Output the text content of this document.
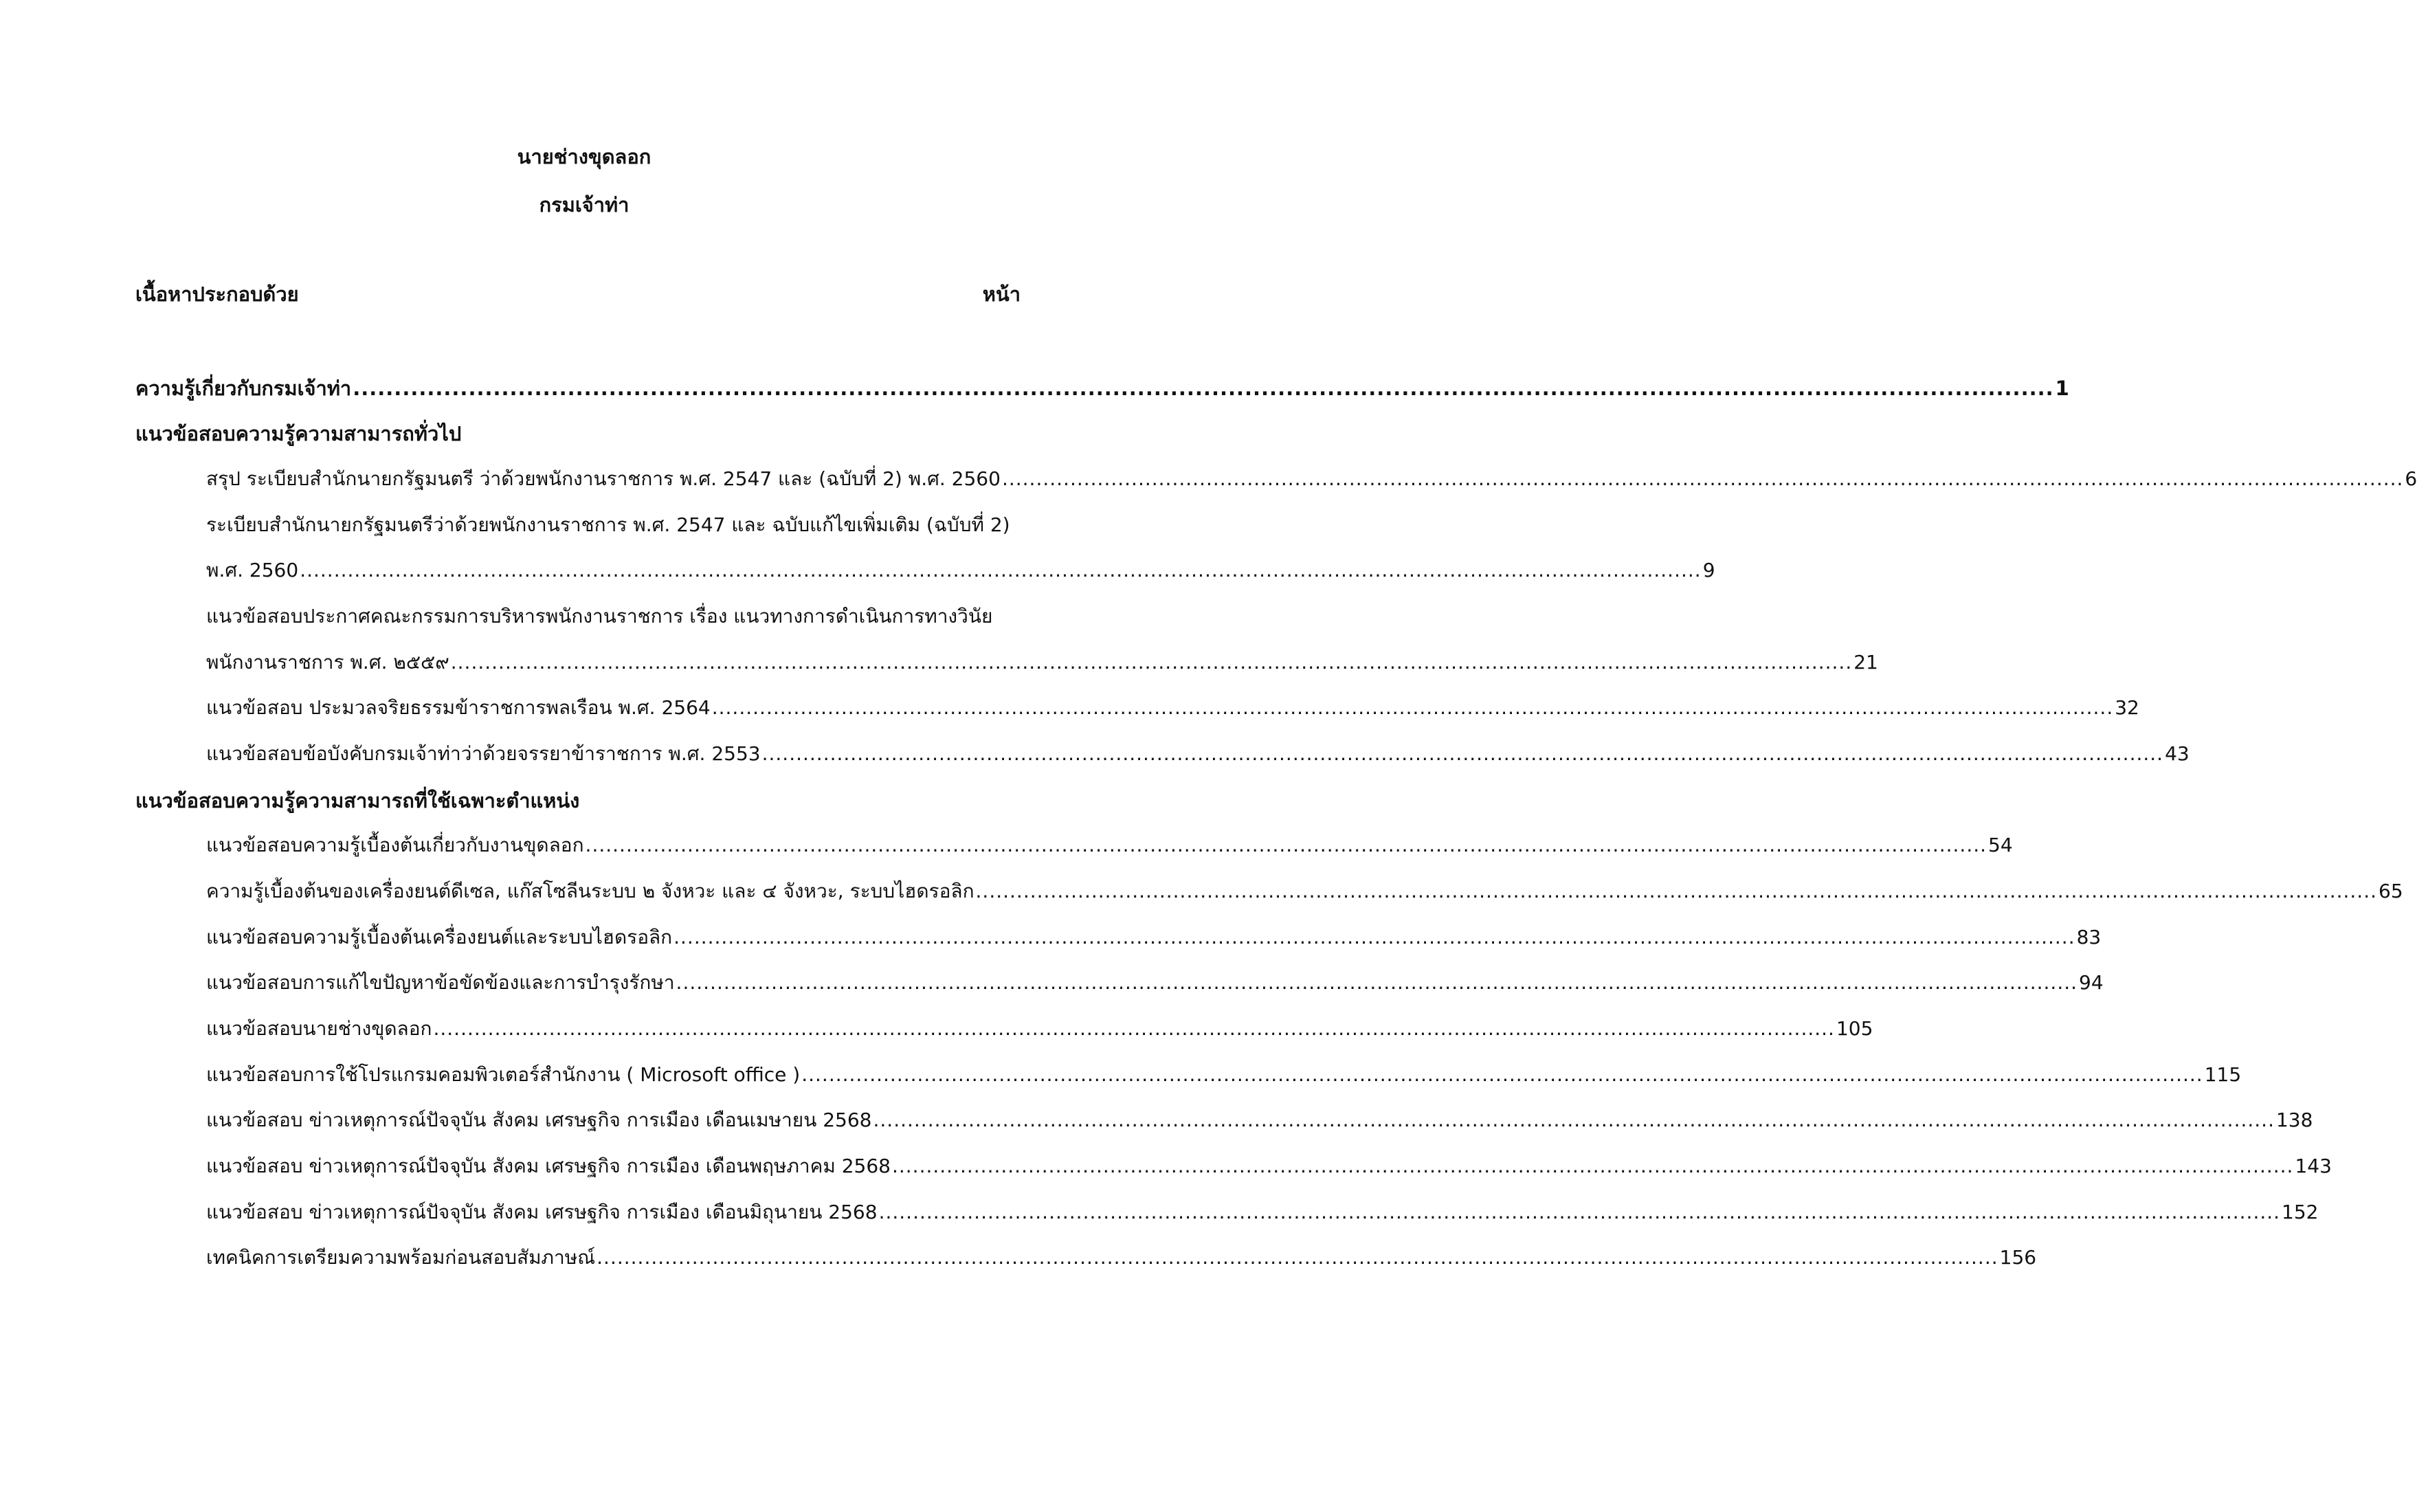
นายช่างขุดลอก
กรมเจ้าท่า
เนื้อหาประกอบด้วย	หน้า
ความรู้เกี่ยวกับกรมเจ้าท่า .............................................................................................................................................................................................................. 1
แนวข้อสอบความรู้ความสามารถทั่วไป
สรุป ระเบียบสำนักนายกรัฐมนตรี ว่าด้วยพนักงานราชการ พ.ศ. 2547 และ (ฉบับที่ 2) พ.ศ. 2560 .............................................................................................................................................................................................................. 6
ระเบียบสำนักนายกรัฐมนตรีว่าด้วยพนักงานราชการ พ.ศ. 2547 และ ฉบับแก้ไขเพิ่มเติม (ฉบับที่ 2)
พ.ศ. 2560 .............................................................................................................................................................................................................. 9
แนวข้อสอบประกาศคณะกรรมการบริหารพนักงานราชการ เรื่อง แนวทางการดำเนินการทางวินัย
พนักงานราชการ พ.ศ. ๒๕๕๙ .............................................................................................................................................................................................................. 21
แนวข้อสอบ ประมวลจริยธรรมข้าราชการพลเรือน พ.ศ. 2564 .............................................................................................................................................................................................................. 32
แนวข้อสอบข้อบังคับกรมเจ้าท่าว่าด้วยจรรยาข้าราชการ พ.ศ. 2553 .............................................................................................................................................................................................................. 43
แนวข้อสอบความรู้ความสามารถที่ใช้เฉพาะตำแหน่ง
แนวข้อสอบความรู้เบื้องต้นเกี่ยวกับงานขุดลอก .............................................................................................................................................................................................................. 54
ความรู้เบื้องต้นของเครื่องยนต์ดีเซล, แก๊สโซลีนระบบ ๒ จังหวะ และ ๔ จังหวะ, ระบบไฮดรอลิก .............................................................................................................................................................................................................. 65
แนวข้อสอบความรู้เบื้องต้นเครื่องยนต์และระบบไฮดรอลิก .............................................................................................................................................................................................................. 83
แนวข้อสอบการแก้ไขปัญหาข้อขัดข้องและการบำรุงรักษา .............................................................................................................................................................................................................. 94
แนวข้อสอบนายช่างขุดลอก .............................................................................................................................................................................................................. 105
แนวข้อสอบการใช้โปรแกรมคอมพิวเตอร์สำนักงาน ( Microsoft office ) .............................................................................................................................................................................................................. 115
แนวข้อสอบ ข่าวเหตุการณ์ปัจจุบัน สังคม เศรษฐกิจ การเมือง เดือนเมษายน 2568 .............................................................................................................................................................................................................. 138
แนวข้อสอบ ข่าวเหตุการณ์ปัจจุบัน สังคม เศรษฐกิจ การเมือง เดือนพฤษภาคม 2568 .............................................................................................................................................................................................................. 143
แนวข้อสอบ ข่าวเหตุการณ์ปัจจุบัน สังคม เศรษฐกิจ การเมือง เดือนมิถุนายน 2568 .............................................................................................................................................................................................................. 152
เทคนิคการเตรียมความพร้อมก่อนสอบสัมภาษณ์ .............................................................................................................................................................................................................. 156
